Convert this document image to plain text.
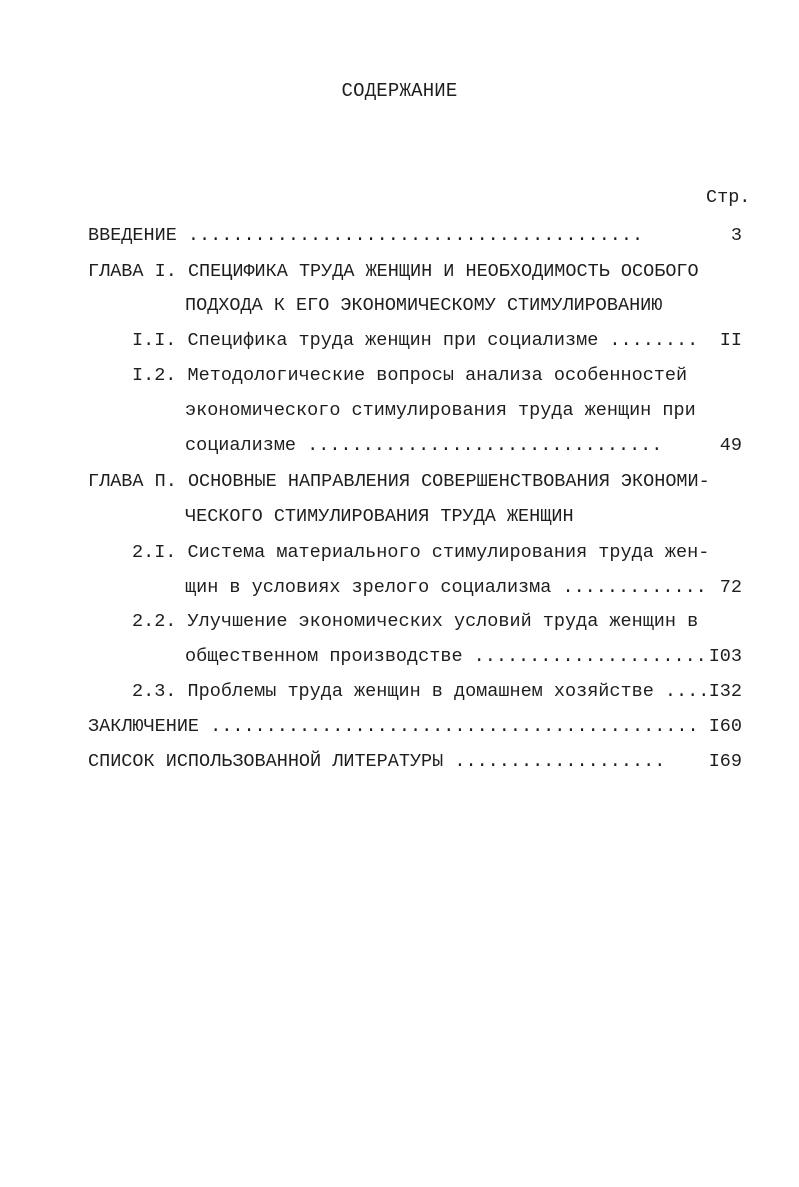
СОДЕРЖАНИЕ
Стр.
ВВЕДЕНИЕ .........................................	3
ГЛАВА I. СПЕЦИФИКА ТРУДА ЖЕНЩИН И НЕОБХОДИМОСТЬ ОСОБОГО
ПОДХОДА К ЕГО ЭКОНОМИЧЕСКОМУ СТИМУЛИРОВАНИЮ
I.I. Специфика труда женщин при социализме ........	II
I.2. Методологические вопросы анализа особенностей
экономического стимулирования труда женщин при
социализме ................................	49
ГЛАВА П. ОСНОВНЫЕ НАПРАВЛЕНИЯ СОВЕРШЕНСТВОВАНИЯ ЭКОНОМИ-
ЧЕСКОГО СТИМУЛИРОВАНИЯ ТРУДА ЖЕНЩИН
2.I. Система материального стимулирования труда жен-
щин в условиях зрелого социализма ............. 72
2.2. Улучшение экономических условий труда женщин в
общественном производстве ..................... I03
2.3. Проблемы труда женщин в домашнем хозяйстве .... I32
ЗАКЛЮЧЕНИЕ ............................................ I60
СПИСОК ИСПОЛЬЗОВАННОЙ ЛИТЕРАТУРЫ ...................	I69
